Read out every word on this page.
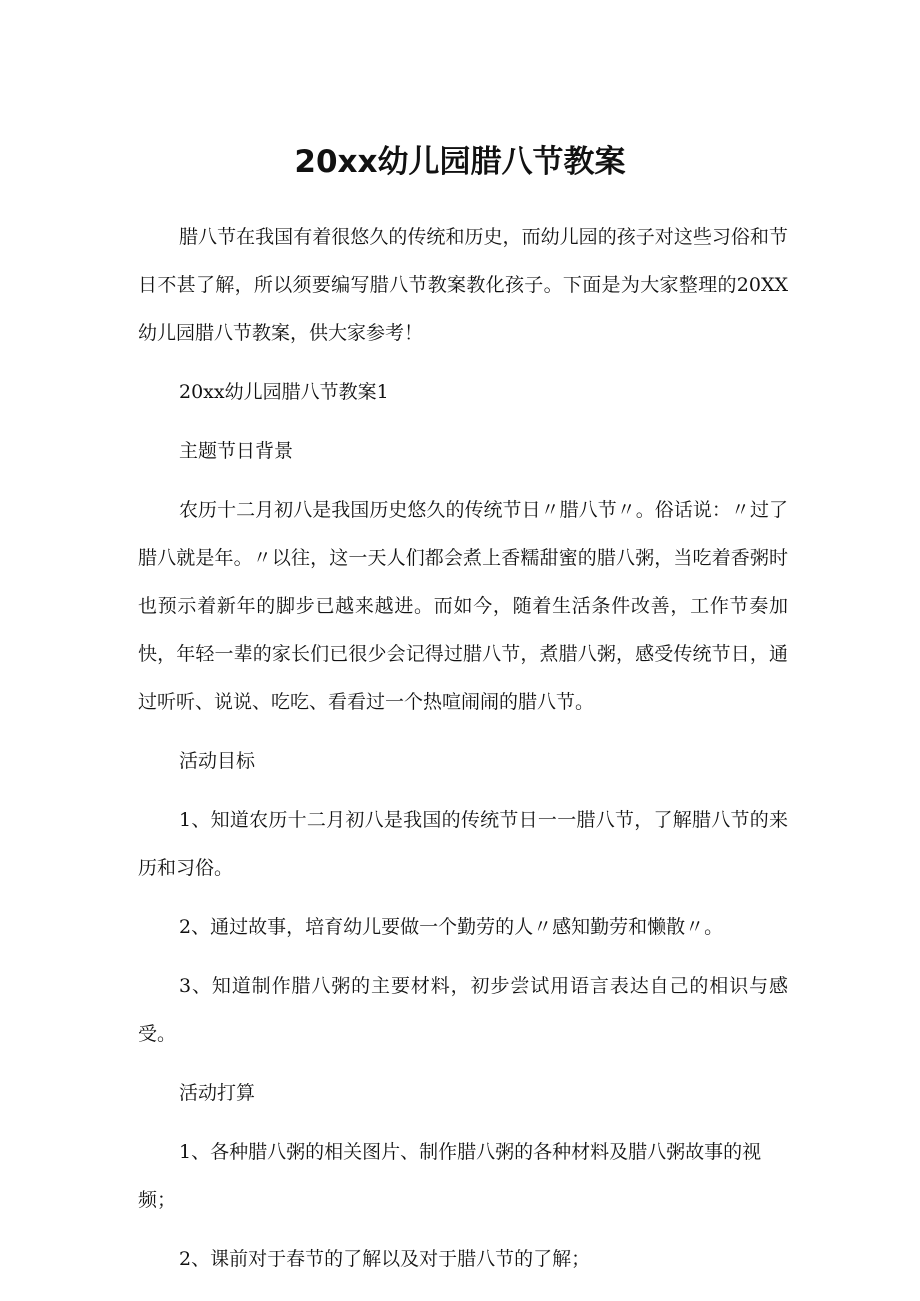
20xx幼儿园腊八节教案

腊八节在我国有着很悠久的传统和历史，而幼儿园的孩子对这些习俗和节日不甚了解，所以须要编写腊八节教案教化孩子。下面是为大家整理的20XX幼儿园腊八节教案，供大家参考！

20xx幼儿园腊八节教案1

主题节日背景

农历十二月初八是我国历史悠久的传统节日〃腊八节〃。俗话说：〃过了腊八就是年。〃以往，这一天人们都会煮上香糯甜蜜的腊八粥，当吃着香粥时也预示着新年的脚步已越来越进。而如今，随着生活条件改善，工作节奏加快，年轻一辈的家长们已很少会记得过腊八节，煮腊八粥，感受传统节日，通过听听、说说、吃吃、看看过一个热喧闹闹的腊八节。

活动目标

1、知道农历十二月初八是我国的传统节日一一腊八节，了解腊八节的来历和习俗。

2、通过故事，培育幼儿要做一个勤劳的人〃感知勤劳和懒散〃。

3、知道制作腊八粥的主要材料，初步尝试用语言表达自己的相识与感受。

活动打算

1、各种腊八粥的相关图片、制作腊八粥的各种材料及腊八粥故事的视频；

2、课前对于春节的了解以及对于腊八节的了解；
